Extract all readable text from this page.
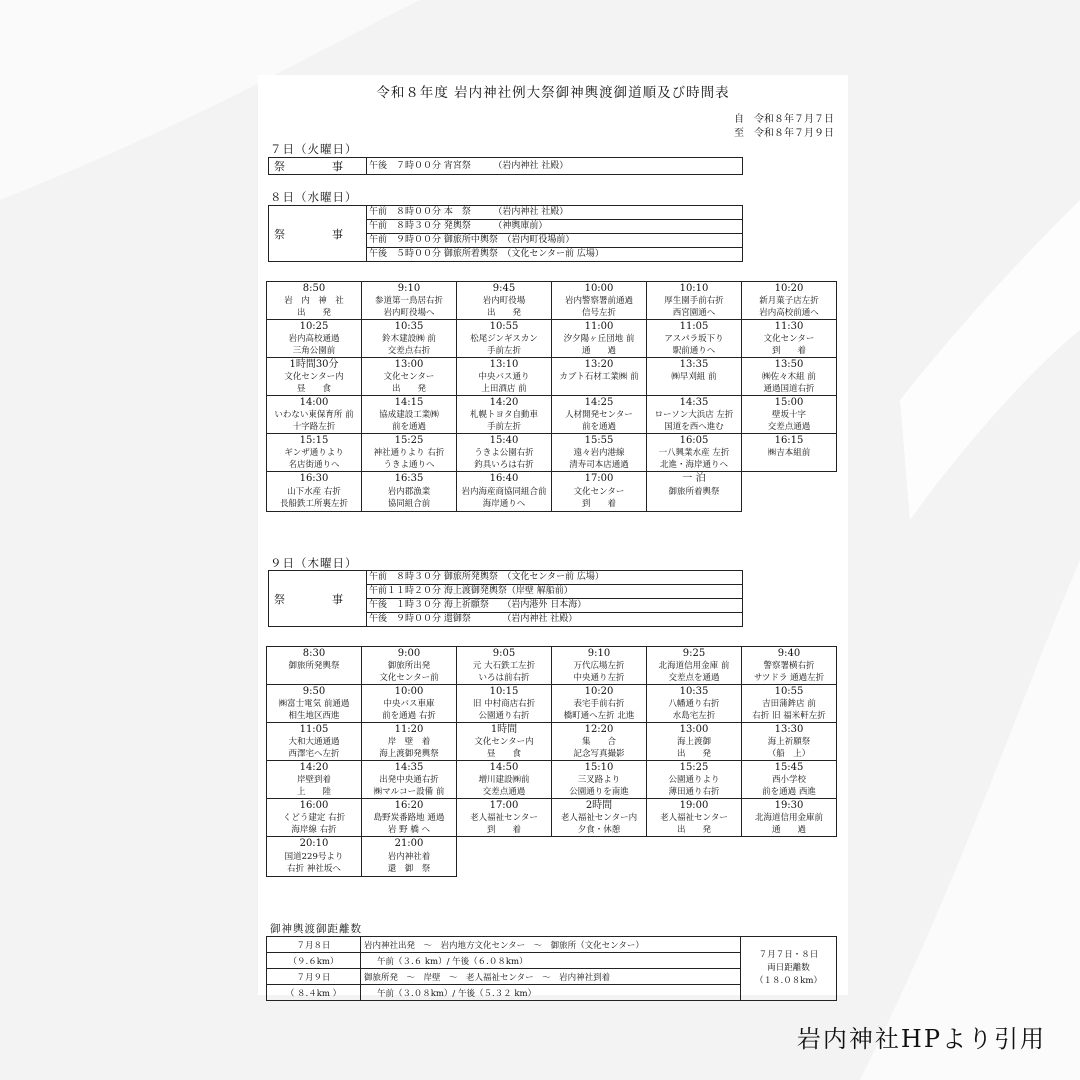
令和８年度 岩内神社例大祭御神輿渡御道順及び時間表
自　令和８年７月７日
至　令和８年７月９日
７日（火曜日）
祭　事	午後　７時００分 宵宮祭　　　（岩内神社 社殿）
８日（水曜日）
祭　事	午前　８時００分 本　祭　　　（岩内神社 社殿）
午前　８時３０分 発輿祭　　　（神輿庫前）
午前　９時００分 御旅所中輿祭　（岩内町役場前）
午後　５時００分 御旅所着輿祭　（文化センター前 広場）
8:50	9:10	9:45	10:00	10:10	10:20
岩　内　神　社	参道第一鳥居右折	岩内町役場	岩内警察署前通過	厚生園手前右折	新月菓子店左折
出　　発	岩内町役場へ	出　　発	信号左折	西宮園通へ	岩内高校前通へ
10:25	10:35	10:55	11:00	11:05	11:30
岩内高校通過	鈴木建設㈱ 前	松尾ジンギスカン	汐夕陽ヶ丘団地 前	アスパラ坂下り	文化センター
三角公園前	交差点右折	手前左折	通　　過	駅前通りへ	到　　着
1時間30分	13:00	13:10	13:20	13:35	13:50
文化センター内	文化センター	中央バス通り	カブト石材工業㈱ 前	㈱早刈組 前	㈱佐々木組 前
昼　　食	出　　発	上田酒店 前			通過国道右折
14:00	14:15	14:20	14:25	14:35	15:00
いわない東保育所 前	協成建設工業㈱	札幌トヨタ自動車	人材開発センター	ローソン大浜店 左折	壁坂十字
十字路左折	前を通過	手前左折	前を通過	国道を西へ進む	交差点通過
15:15	15:25	15:40	15:55	16:05	16:15
ギンザ通りより	神社通りより 右折	うきよ公園右折	遠々岩内港線	一八興業水産 左折	㈱吉本組前
名店街通りへ	うきよ通りへ	釣具いろは右折	清寿司本店通過	北進・海岸通りへ	
16:30	16:35	16:40	17:00	一 泊	
山下水産 右折	岩内郡漁業	岩内海産商協同組合前	文化センター	御旅所着輿祭	
長船鉄工所裏左折	協同組合前	海岸通りへ	到　　着		
９日（木曜日）
祭　事	午前　８時３０分 御旅所発輿祭　（文化センター前 広場）
午前１１時２０分 海上渡御発輿祭（岸壁 解船前）
午後　１時３０分 海上祈願祭　　（岩内港外 日本海）
午後　９時００分 還御祭　　　　（岩内神社 社殿）
8:30	9:00	9:05	9:10	9:25	9:40
御旅所発輿祭	御旅所出発	元 大石鉄工左折	万代広場左折	北海道信用金庫 前	警察署横右折
	文化センター前	いろは前右折	中央通り左折	交差点を通過	サツドラ 通過左折
9:50	10:00	10:15	10:20	10:35	10:55
㈱富士電気 前通過	中央バス車庫	旧 中村商店右折	表宅手前右折	八幡通り右折	吉田蒲鉾店 前
相生地区西進	前を通過 右折	公園通り右折	橋町通へ左折 北進	水島宅左折	右折 旧 福米軒左折
11:05	11:20	1時間	12:20	13:00	13:30
大和大通通過	岸　壁　着	文化センター内	集　　合	海上渡御	海上祈願祭
西澤宅へ左折	海上渡御発輿祭	昼　　食	記念写真撮影	出　　発	（船　上）
14:20	14:35	14:50	15:10	15:25	15:45
岸壁到着	出発中央通右折	増川建設㈱前	三叉路より	公園通りより	西小学校
上　　陸	㈱マルコー設備 前	交差点通過	公園通りを南進	薄田通り右折	前を通過 西進
16:00	16:20	17:00	2時間	19:00	19:30
くどう建定 右折	島野炭番路地 通過	老人福祉センター	老人福祉センター内	老人福祉センター	北海道信用金庫前
海岸線 右折	岩 野 橋 へ	到　　着	夕食・休憩	出　　発	通　　過
20:10	21:00				
国道229号より	岩内神社着				
右折 神社坂へ	還　御　祭				
御神輿渡御距離数
７月８日	岩内神社出発　〜　岩内地方文化センター　〜　御旅所（文化センター）	７月７日・８日
両日距離数
（１８.０８km）

（９.６km）	午前（３.６ km）/ 午後（６.０８km）	
７月９日	御旅所発　〜　岸壁　〜　老人福祉センター　〜　岩内神社到着	
（ ８.４km ）	午前（３.０８km）/ 午後（５.３２ km）	
岩内神社HPより引用
